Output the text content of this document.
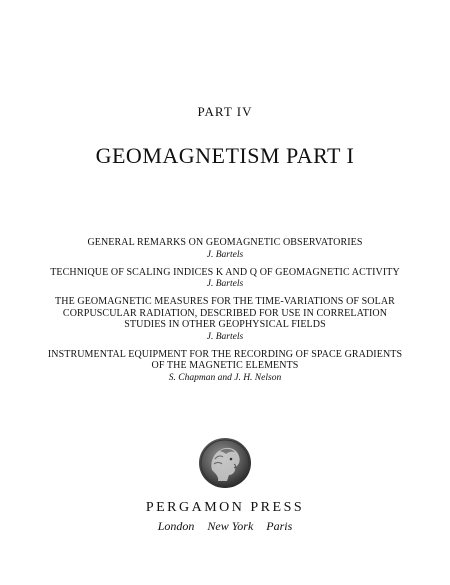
PART IV
GEOMAGNETISM PART I
GENERAL REMARKS ON GEOMAGNETIC OBSERVATORIES
J. Bartels
TECHNIQUE OF SCALING INDICES K AND Q OF GEOMAGNETIC ACTIVITY
J. Bartels
THE GEOMAGNETIC MEASURES FOR THE TIME-VARIATIONS OF SOLAR
CORPUSCULAR RADIATION, DESCRIBED FOR USE IN CORRELATION
STUDIES IN OTHER GEOPHYSICAL FIELDS
J. Bartels
INSTRUMENTAL EQUIPMENT FOR THE RECORDING OF SPACE GRADIENTS
OF THE MAGNETIC ELEMENTS
S. Chapman and J. H. Nelson
PERGAMON PRESS
London New York Paris
